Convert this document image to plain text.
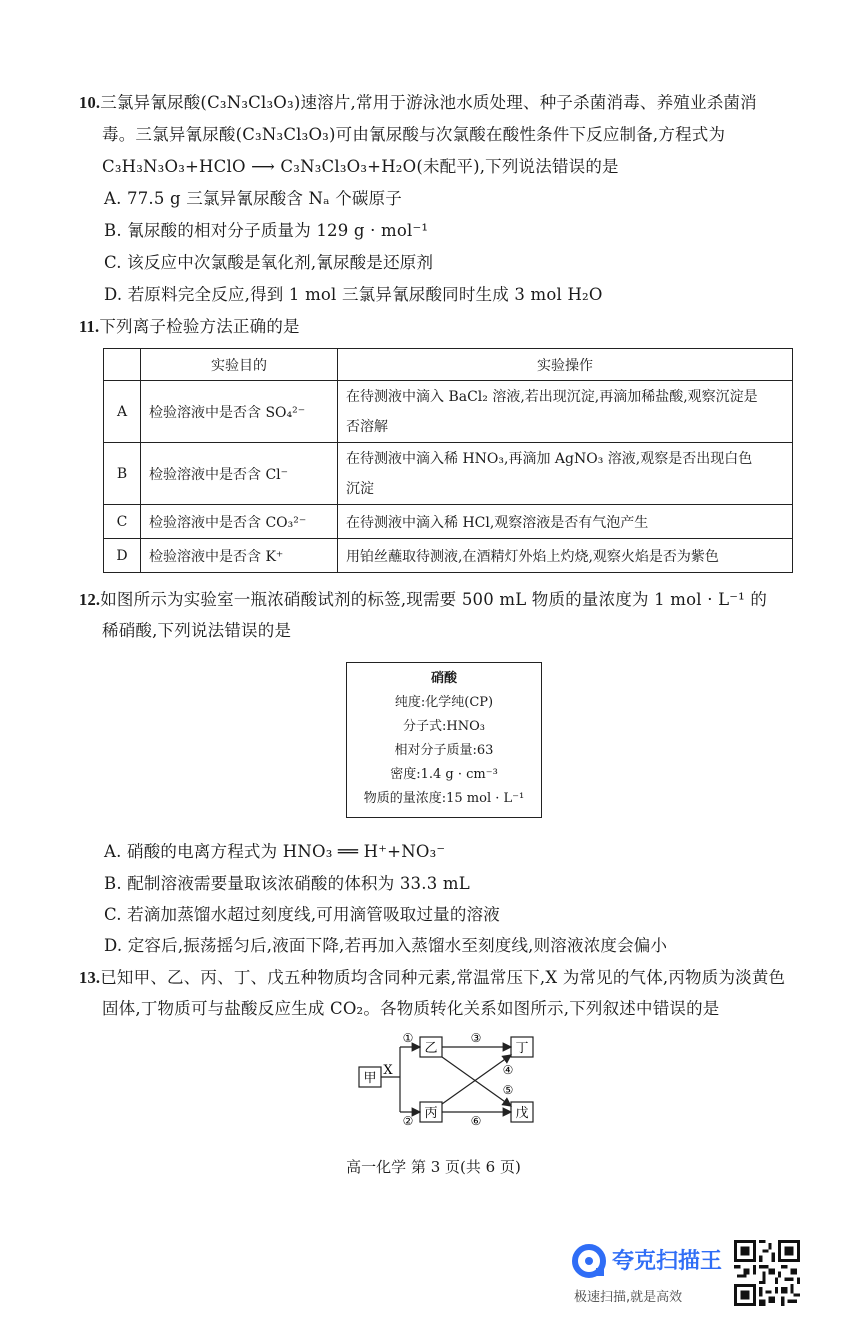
10.三氯异氰尿酸(C₃N₃Cl₃O₃)速溶片,常用于游泳池水质处理、种子杀菌消毒、养殖业杀菌消
毒。三氯异氰尿酸(C₃N₃Cl₃O₃)可由氰尿酸与次氯酸在酸性条件下反应制备,方程式为
C₃H₃N₃O₃+HClO ⟶ C₃N₃Cl₃O₃+H₂O(未配平),下列说法错误的是
A. 77.5 g 三氯异氰尿酸含 Nₐ 个碳原子
B. 氰尿酸的相对分子质量为 129 g · mol⁻¹
C. 该反应中次氯酸是氧化剂,氰尿酸是还原剂
D. 若原料完全反应,得到 1 mol 三氯异氰尿酸同时生成 3 mol H₂O
11.下列离子检验方法正确的是
	实验目的	实验操作
A	检验溶液中是否含 SO₄²⁻	在待测液中滴入 BaCl₂ 溶液,若出现沉淀,再滴加稀盐酸,观察沉淀是
否溶解

B	检验溶液中是否含 Cl⁻	在待测液中滴入稀 HNO₃,再滴加 AgNO₃ 溶液,观察是否出现白色
沉淀

C	检验溶液中是否含 CO₃²⁻	在待测液中滴入稀 HCl,观察溶液是否有气泡产生
D	检验溶液中是否含 K⁺	用铂丝蘸取待测液,在酒精灯外焰上灼烧,观察火焰是否为紫色
12.如图所示为实验室一瓶浓硝酸试剂的标签,现需要 500 mL 物质的量浓度为 1 mol · L⁻¹ 的
稀硝酸,下列说法错误的是
硝酸
纯度:化学纯(CP)
分子式:HNO₃
相对分子质量:63
密度:1.4 g · cm⁻³
物质的量浓度:15 mol · L⁻¹
A. 硝酸的电离方程式为 HNO₃ ══ H⁺+NO₃⁻
B. 配制溶液需要量取该浓硝酸的体积为 33.3 mL
C. 若滴加蒸馏水超过刻度线,可用滴管吸取过量的溶液
D. 定容后,振荡摇匀后,液面下降,若再加入蒸馏水至刻度线,则溶液浓度会偏小
13.已知甲、乙、丙、丁、戊五种物质均含同种元素,常温常压下,X 为常见的气体,丙物质为淡黄色
固体,丁物质可与盐酸反应生成 CO₂。各物质转化关系如图所示,下列叙述中错误的是
甲
乙
丙
丁
戊
X
①
②
③
④
⑤
⑥
高一化学 第 3 页(共 6 页)
夸克扫描王
极速扫描,就是高效
